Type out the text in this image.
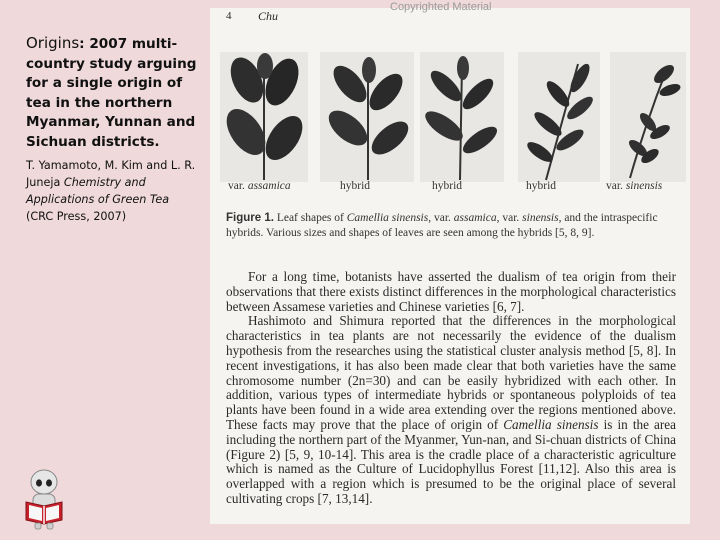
Origins: 2007 multi-country study arguing for a single origin of tea in the northern Myanmar, Yunnan and Sichuan districts.
T. Yamamoto, M. Kim and L. R. Juneja Chemistry and Applications of Green Tea
(CRC Press, 2007)
4 Chu
Copyrighted Material
var. assamica	hybrid	hybrid	hybrid	var. sinensis
Figure 1. Leaf shapes of Camellia sinensis, var. assamica, var. sinensis, and the intraspecific hybrids. Various sizes and shapes of leaves are seen among the hybrids [5, 8, 9].

For a long time, botanists have asserted the dualism of tea origin from their observations that there exists distinct differences in the morphological characteristics between Assamese varieties and Chinese varieties [6, 7].

Hashimoto and Shimura reported that the differences in the morphological characteristics in tea plants are not necessarily the evidence of the dualism hypothesis from the researches using the statistical cluster analysis method [5, 8]. In recent investigations, it has also been made clear that both varieties have the same chromosome number (2n=30) and can be easily hybridized with each other. In addition, various types of intermediate hybrids or spontaneous polyploids of tea plants have been found in a wide area extending over the regions mentioned above. These facts may prove that the place of origin of Camellia sinensis is in the area including the northern part of the Myanmer, Yun-nan, and Si-chuan districts of China (Figure 2) [5, 9, 10-14]. This area is the cradle place of a characteristic agriculture which is named as the Culture of Lucidophyllus Forest [11,12]. Also this area is overlapped with a region which is presumed to be the original place of several cultivating crops [7, 13,14].
